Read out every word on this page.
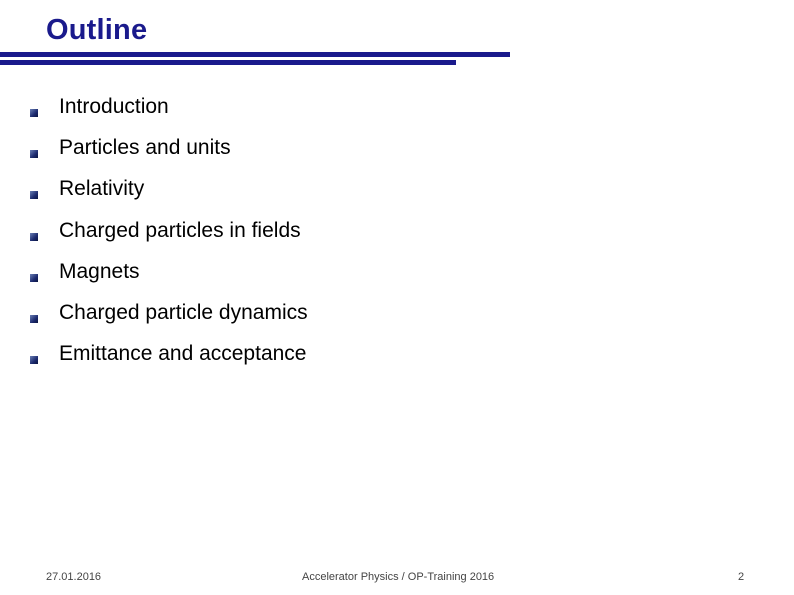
Outline
Introduction
Particles and units
Relativity
Charged particles in fields
Magnets
Charged particle dynamics
Emittance and acceptance
27.01.2016	Accelerator Physics / OP-Training 2016	2
